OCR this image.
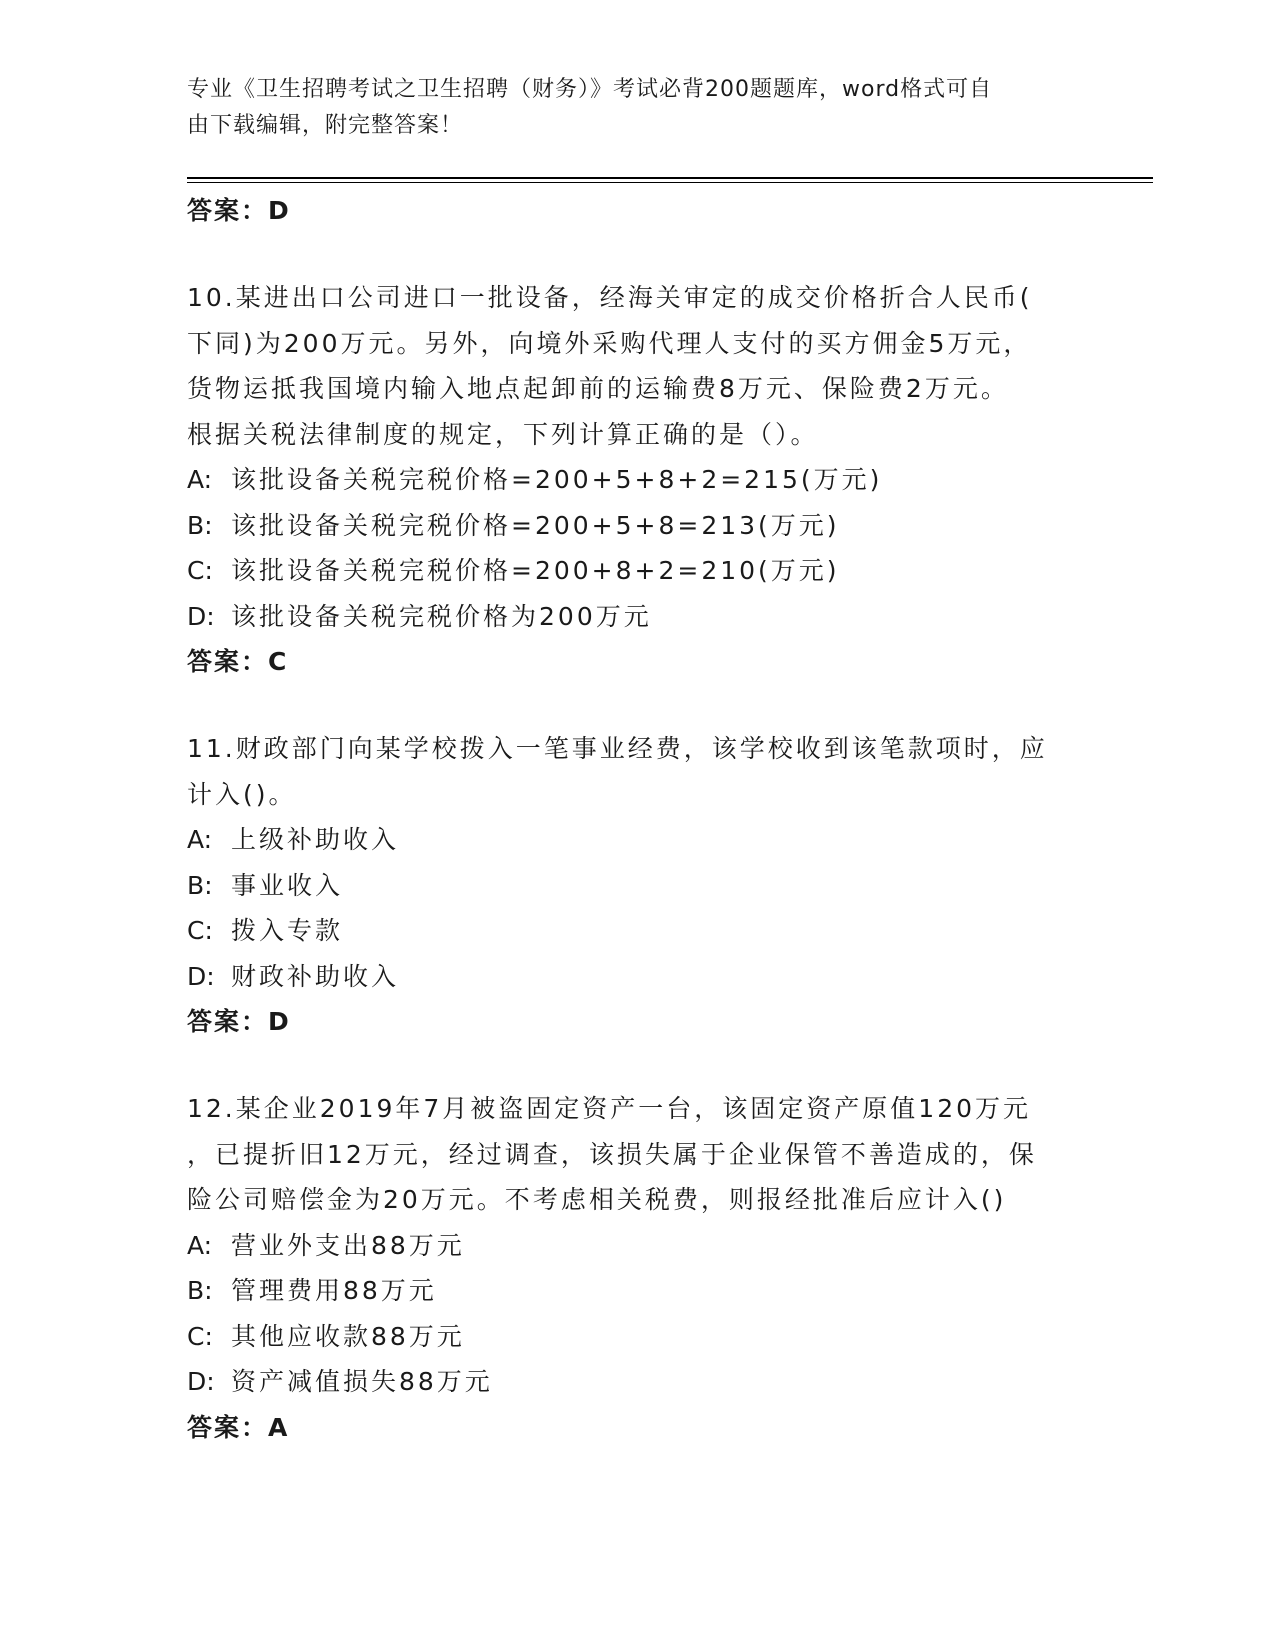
专业《卫生招聘考试之卫生招聘（财务）》考试必背200题题库，word格式可自
由下载编辑，附完整答案！
答案：D
10.某进出口公司进口一批设备，经海关审定的成交价格折合人民币(
下同)为200万元。另外，向境外采购代理人支付的买方佣金5万元，
货物运抵我国境内输入地点起卸前的运输费8万元、保险费2万元。
根据关税法律制度的规定，下列计算正确的是（）。
A: 该批设备关税完税价格=200+5+8+2=215(万元)
B: 该批设备关税完税价格=200+5+8=213(万元)
C: 该批设备关税完税价格=200+8+2=210(万元)
D: 该批设备关税完税价格为200万元
答案：C
11.财政部门向某学校拨入一笔事业经费，该学校收到该笔款项时，应
计入()。
A: 上级补助收入
B: 事业收入
C: 拨入专款
D: 财政补助收入
答案：D
12.某企业2019年7月被盗固定资产一台，该固定资产原值120万元
，已提折旧12万元，经过调查，该损失属于企业保管不善造成的，保
险公司赔偿金为20万元。不考虑相关税费，则报经批准后应计入()
A: 营业外支出88万元
B: 管理费用88万元
C: 其他应收款88万元
D: 资产减值损失88万元
答案：A
